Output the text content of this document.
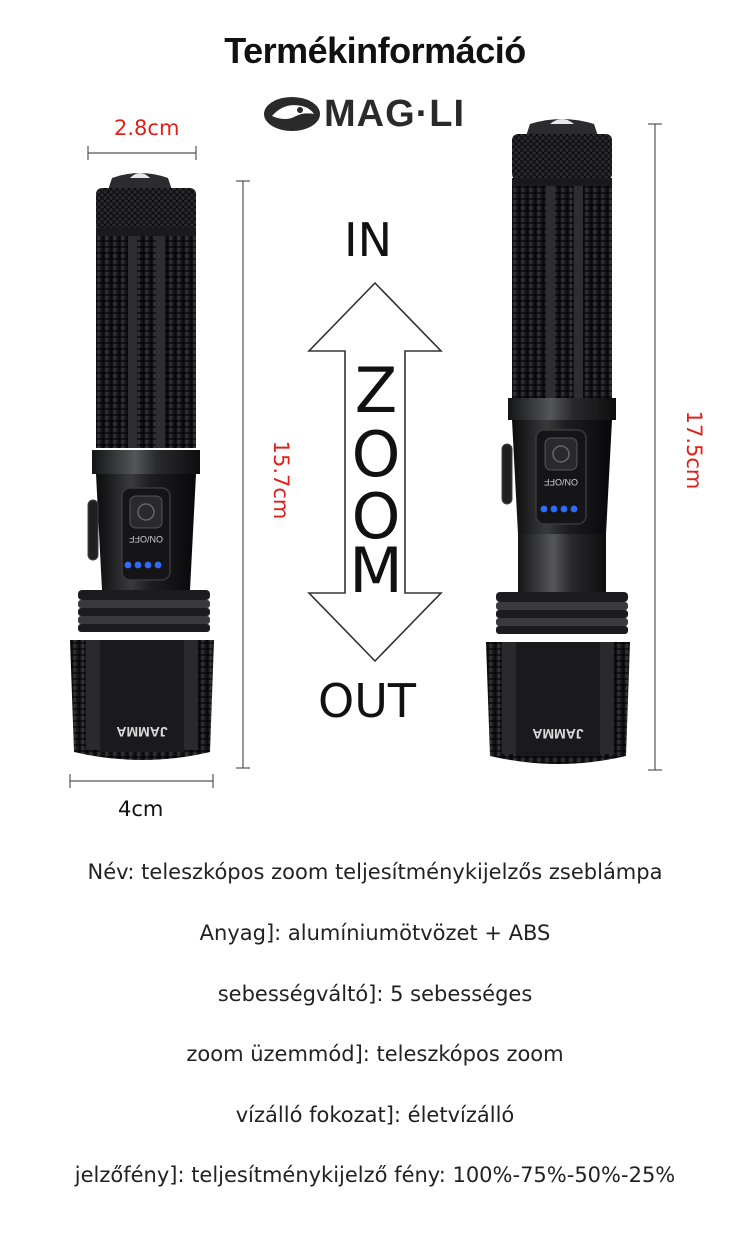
Termékinformáció
MAG·LI
ON/OFF
JAMMA
ON/OFF
JAMMA
2.8cm
4cm
15.7cm	17.5cm
IN
OUT
Z
O
O
M
Név: teleszkópos zoom teljesítménykijelzős zseblámpa
Anyag]: alumíniumötvözet + ABS
sebességváltó]: 5 sebességes
zoom üzemmód]: teleszkópos zoom
vízálló fokozat]: életvízálló
jelzőfény]: teljesítménykijelző fény: 100%-75%-50%-25%
